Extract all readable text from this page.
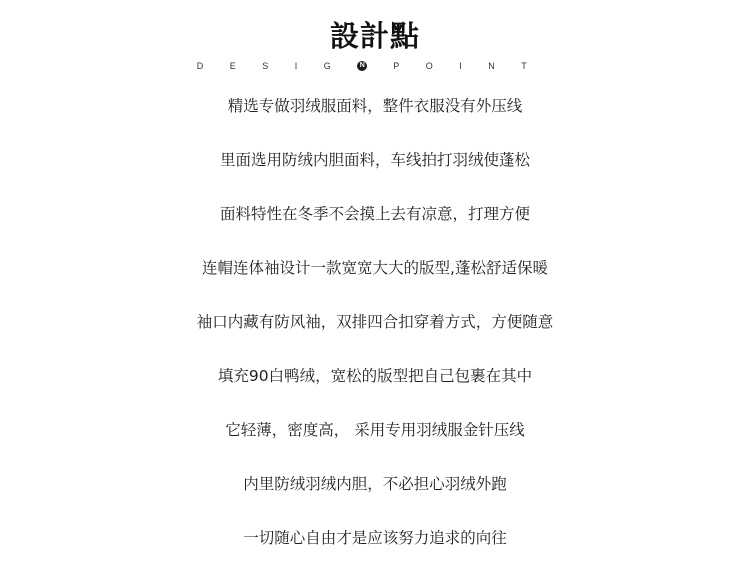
設計點
DESIG N	POINT
精选专做羽绒服面料，整件衣服没有外压线
里面选用防绒内胆面料，车线拍打羽绒使蓬松
面料特性在冬季不会摸上去有凉意，打理方便
连帽连体袖设计一款宽宽大大的版型,蓬松舒适保暖
袖口内藏有防风袖，双排四合扣穿着方式，方便随意
填充90白鸭绒，宽松的版型把自己包裹在其中
它轻薄，密度高， 采用专用羽绒服金针压线
内里防绒羽绒内胆，不必担心羽绒外跑
一切随心自由才是应该努力追求的向往
